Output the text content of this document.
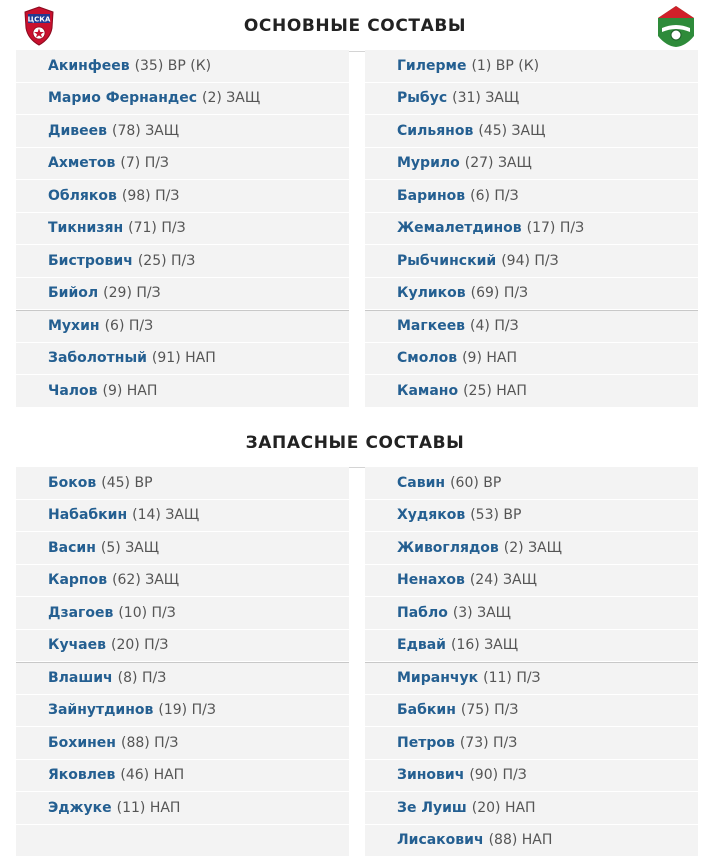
ЦСКА	ОСНОВНЫЕ СОСТАВЫ
Акинфеев (35) ВР (К)
Марио Фернандес (2) ЗАЩ
Дивеев (78) ЗАЩ
Ахметов (7) П/З
Обляков (98) П/З
Тикнизян (71) П/З
Бистрович (25) П/З
Бийол (29) П/З
Мухин (6) П/З
Заболотный (91) НАП
Чалов (9) НАП
Гилерме (1) ВР (К)
Рыбус (31) ЗАЩ
Сильянов (45) ЗАЩ
Мурило (27) ЗАЩ
Баринов (6) П/З
Жемалетдинов (17) П/З
Рыбчинский (94) П/З
Куликов (69) П/З
Магкеев (4) П/З
Смолов (9) НАП
Камано (25) НАП
ЗАПАСНЫЕ СОСТАВЫ
Боков (45) ВР
Набабкин (14) ЗАЩ
Васин (5) ЗАЩ
Карпов (62) ЗАЩ
Дзагоев (10) П/З
Кучаев (20) П/З
Влашич (8) П/З
Зайнутдинов (19) П/З
Бохинен (88) П/З
Яковлев (46) НАП
Эджуке (11) НАП
Савин (60) ВР
Худяков (53) ВР
Живоглядов (2) ЗАЩ
Ненахов (24) ЗАЩ
Пабло (3) ЗАЩ
Едвай (16) ЗАЩ
Миранчук (11) П/З
Бабкин (75) П/З
Петров (73) П/З
Зинович (90) П/З
Зе Луиш (20) НАП
Лисакович (88) НАП
